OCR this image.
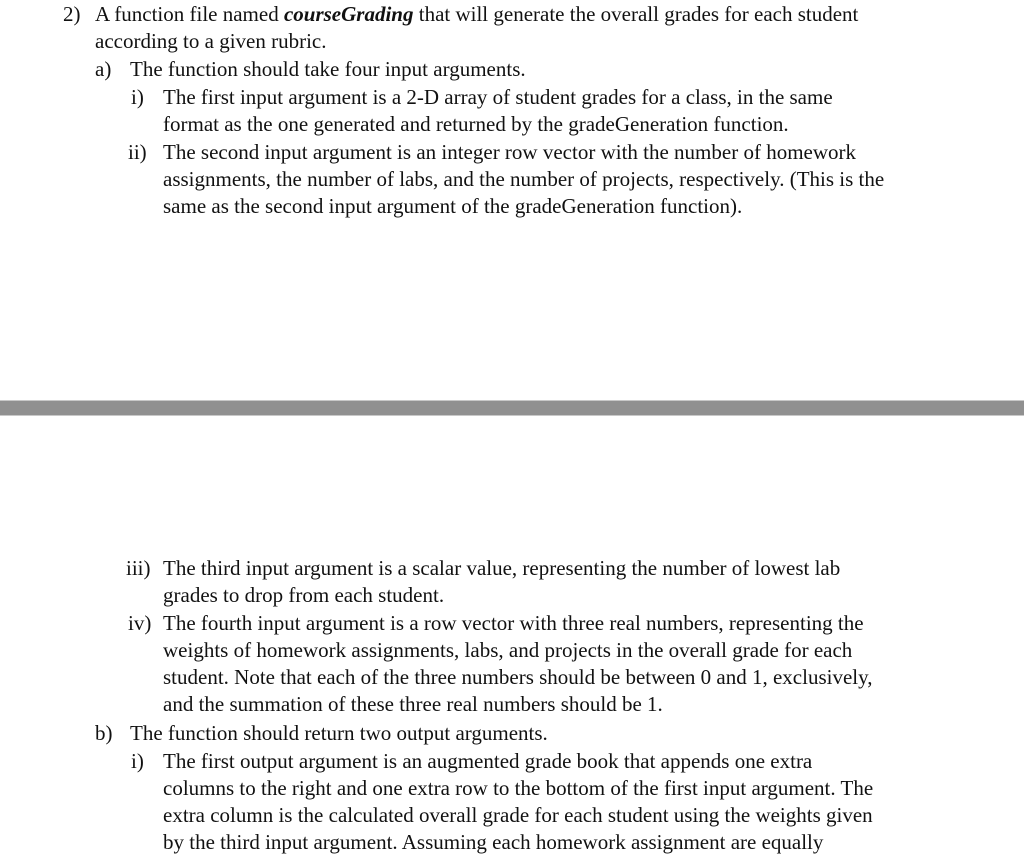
2) A function file named courseGrading that will generate the overall grades for each student

according to a given rubric.

a) The function should take four input arguments.

i) The first input argument is a 2-D array of student grades for a class, in the same

format as the one generated and returned by the gradeGeneration function.

ii) The second input argument is an integer row vector with the number of homework

assignments, the number of labs, and the number of projects, respectively. (This is the

same as the second input argument of the gradeGeneration function).

iii) The third input argument is a scalar value, representing the number of lowest lab

grades to drop from each student.

iv) The fourth input argument is a row vector with three real numbers, representing the

weights of homework assignments, labs, and projects in the overall grade for each

student. Note that each of the three numbers should be between 0 and 1, exclusively,

and the summation of these three real numbers should be 1.

b) The function should return two output arguments.

i) The first output argument is an augmented grade book that appends one extra

columns to the right and one extra row to the bottom of the first input argument. The

extra column is the calculated overall grade for each student using the weights given

by the third input argument. Assuming each homework assignment are equally
